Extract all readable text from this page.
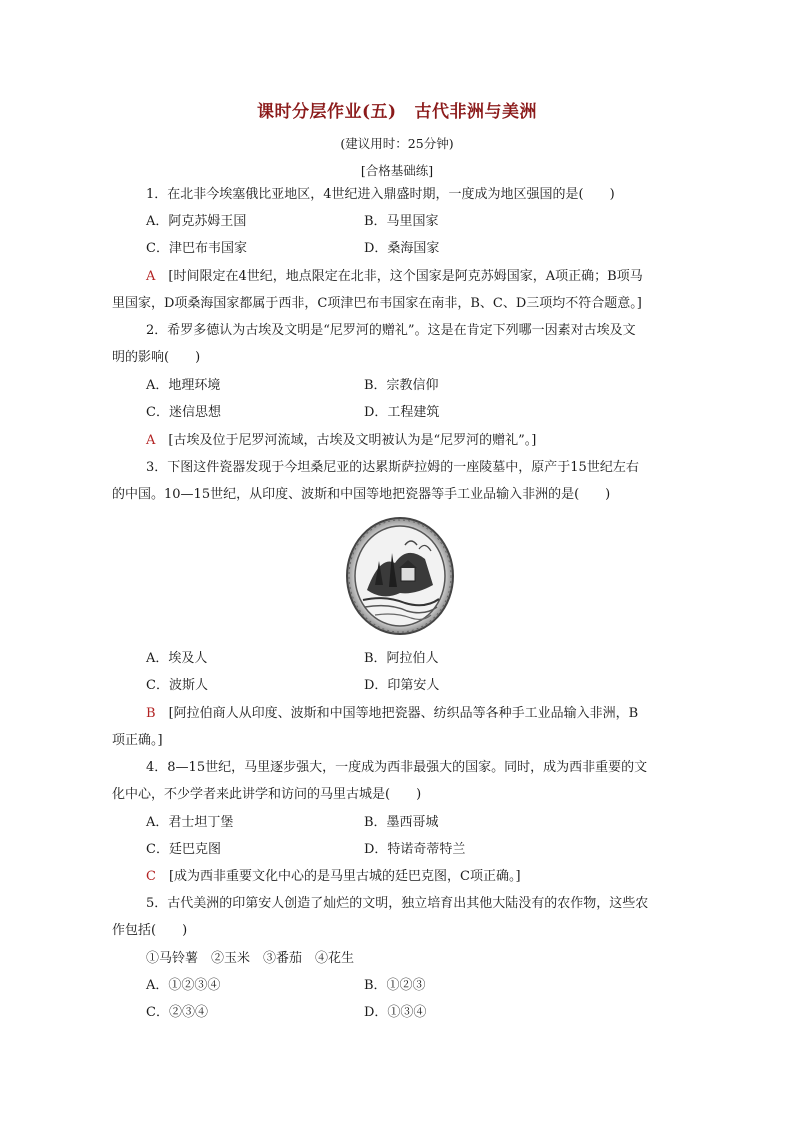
课时分层作业(五) 古代非洲与美洲
(建议用时：25分钟)
[合格基础练]
1．在北非今埃塞俄比亚地区，4世纪进入鼎盛时期，一度成为地区强国的是(　　)
A．阿克苏姆王国	B．马里国家
C．津巴布韦国家	D．桑海国家
A　 [时间限定在4世纪，地点限定在北非，这个国家是阿克苏姆国家，A项正确；B项马
里国家，D项桑海国家都属于西非，C项津巴布韦国家在南非，B、C、D三项均不符合题意。]
2．希罗多德认为古埃及文明是“尼罗河的赠礼”。这是在肯定下列哪一因素对古埃及文
明的影响(　　)
A．地理环境	B．宗教信仰
C．迷信思想	D．工程建筑
A　 [古埃及位于尼罗河流域，古埃及文明被认为是“尼罗河的赠礼”。]
3．下图这件瓷器发现于今坦桑尼亚的达累斯萨拉姆的一座陵墓中，原产于15世纪左右
的中国。10—15世纪，从印度、波斯和中国等地把瓷器等手工业品输入非洲的是(　　)
A．埃及人	B．阿拉伯人
C．波斯人	D．印第安人
B　 [阿拉伯商人从印度、波斯和中国等地把瓷器、纺织品等各种手工业品输入非洲，B
项正确。]
4．8—15世纪，马里逐步强大，一度成为西非最强大的国家。同时，成为西非重要的文
化中心，不少学者来此讲学和访问的马里古城是(　　)
A．君士坦丁堡	B．墨西哥城
C．廷巴克图	D．特诺奇蒂特兰
C　 [成为西非重要文化中心的是马里古城的廷巴克图，C项正确。]
5．古代美洲的印第安人创造了灿烂的文明，独立培育出其他大陆没有的农作物，这些农
作包括(　　)
①马铃薯　②玉米　③番茄　④花生
A．①②③④	B．①②③
C．②③④	D．①③④
